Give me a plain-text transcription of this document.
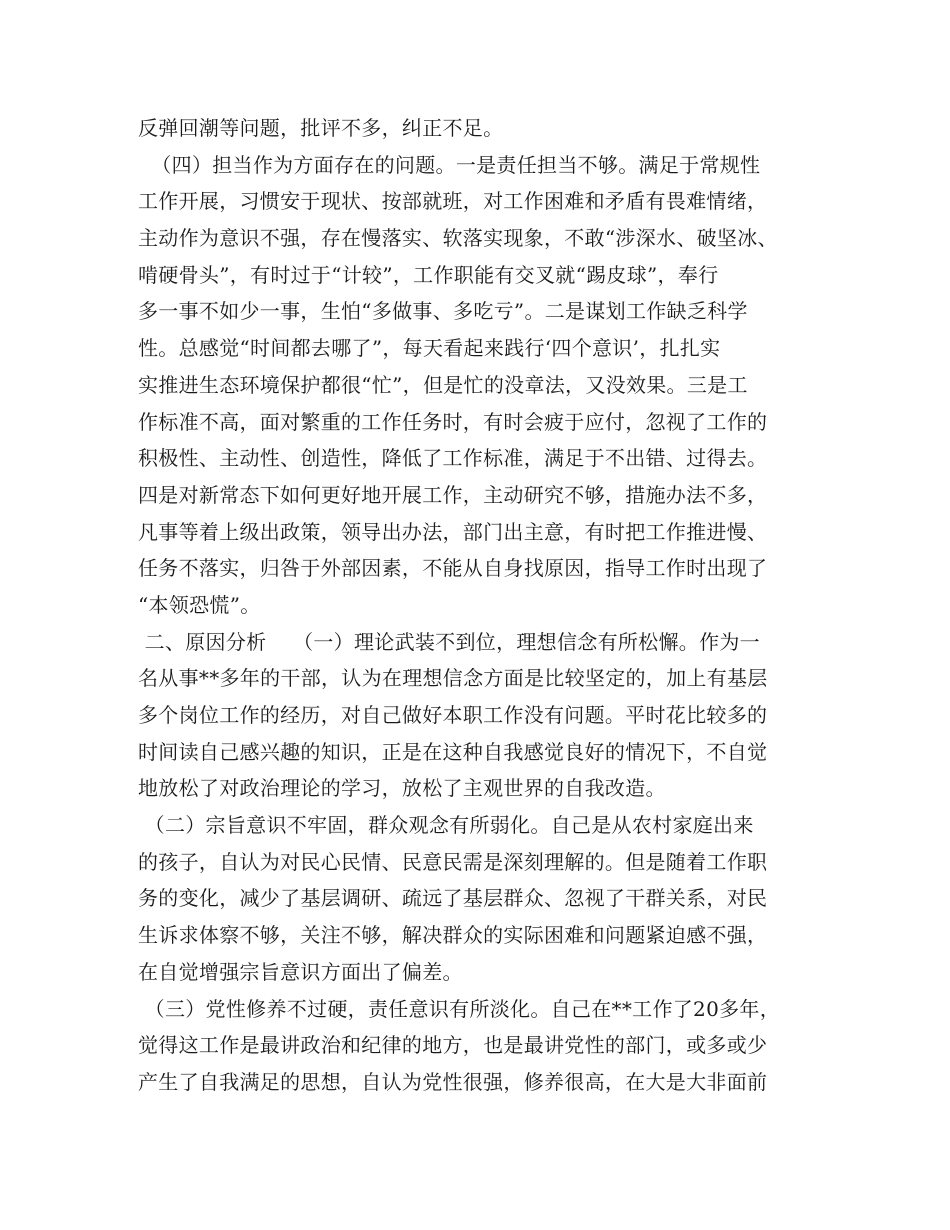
反弹回潮等问题，批评不多，纠正不足。
（四）担当作为方面存在的问题。一是责任担当不够。满足于常规性
工作开展，习惯安于现状、按部就班，对工作困难和矛盾有畏难情绪，
主动作为意识不强，存在慢落实、软落实现象，不敢“涉深水、破坚冰、
啃硬骨头”，有时过于“计较”，工作职能有交叉就“踢皮球”，奉行
多一事不如少一事，生怕“多做事、多吃亏”。二是谋划工作缺乏科学
性。总感觉“时间都去哪了”，每天看起来践行‘四个意识’，扎扎实
实推进生态环境保护都很“忙”，但是忙的没章法，又没效果。三是工
作标准不高，面对繁重的工作任务时，有时会疲于应付，忽视了工作的
积极性、主动性、创造性，降低了工作标准，满足于不出错、过得去。
四是对新常态下如何更好地开展工作，主动研究不够，措施办法不多，
凡事等着上级出政策，领导出办法，部门出主意，有时把工作推进慢、
任务不落实，归咎于外部因素，不能从自身找原因，指导工作时出现了
“本领恐慌”。
二、原因分析    （一）理论武装不到位，理想信念有所松懈。作为一
名从事**多年的干部，认为在理想信念方面是比较坚定的，加上有基层
多个岗位工作的经历，对自己做好本职工作没有问题。平时花比较多的
时间读自己感兴趣的知识，正是在这种自我感觉良好的情况下，不自觉
地放松了对政治理论的学习，放松了主观世界的自我改造。
（二）宗旨意识不牢固，群众观念有所弱化。自己是从农村家庭出来
的孩子，自认为对民心民情、民意民需是深刻理解的。但是随着工作职
务的变化，减少了基层调研、疏远了基层群众、忽视了干群关系，对民
生诉求体察不够，关注不够，解决群众的实际困难和问题紧迫感不强，
在自觉增强宗旨意识方面出了偏差。
（三）党性修养不过硬，责任意识有所淡化。自己在**工作了20多年，
觉得这工作是最讲政治和纪律的地方，也是最讲党性的部门，或多或少
产生了自我满足的思想，自认为党性很强，修养很高，在大是大非面前
